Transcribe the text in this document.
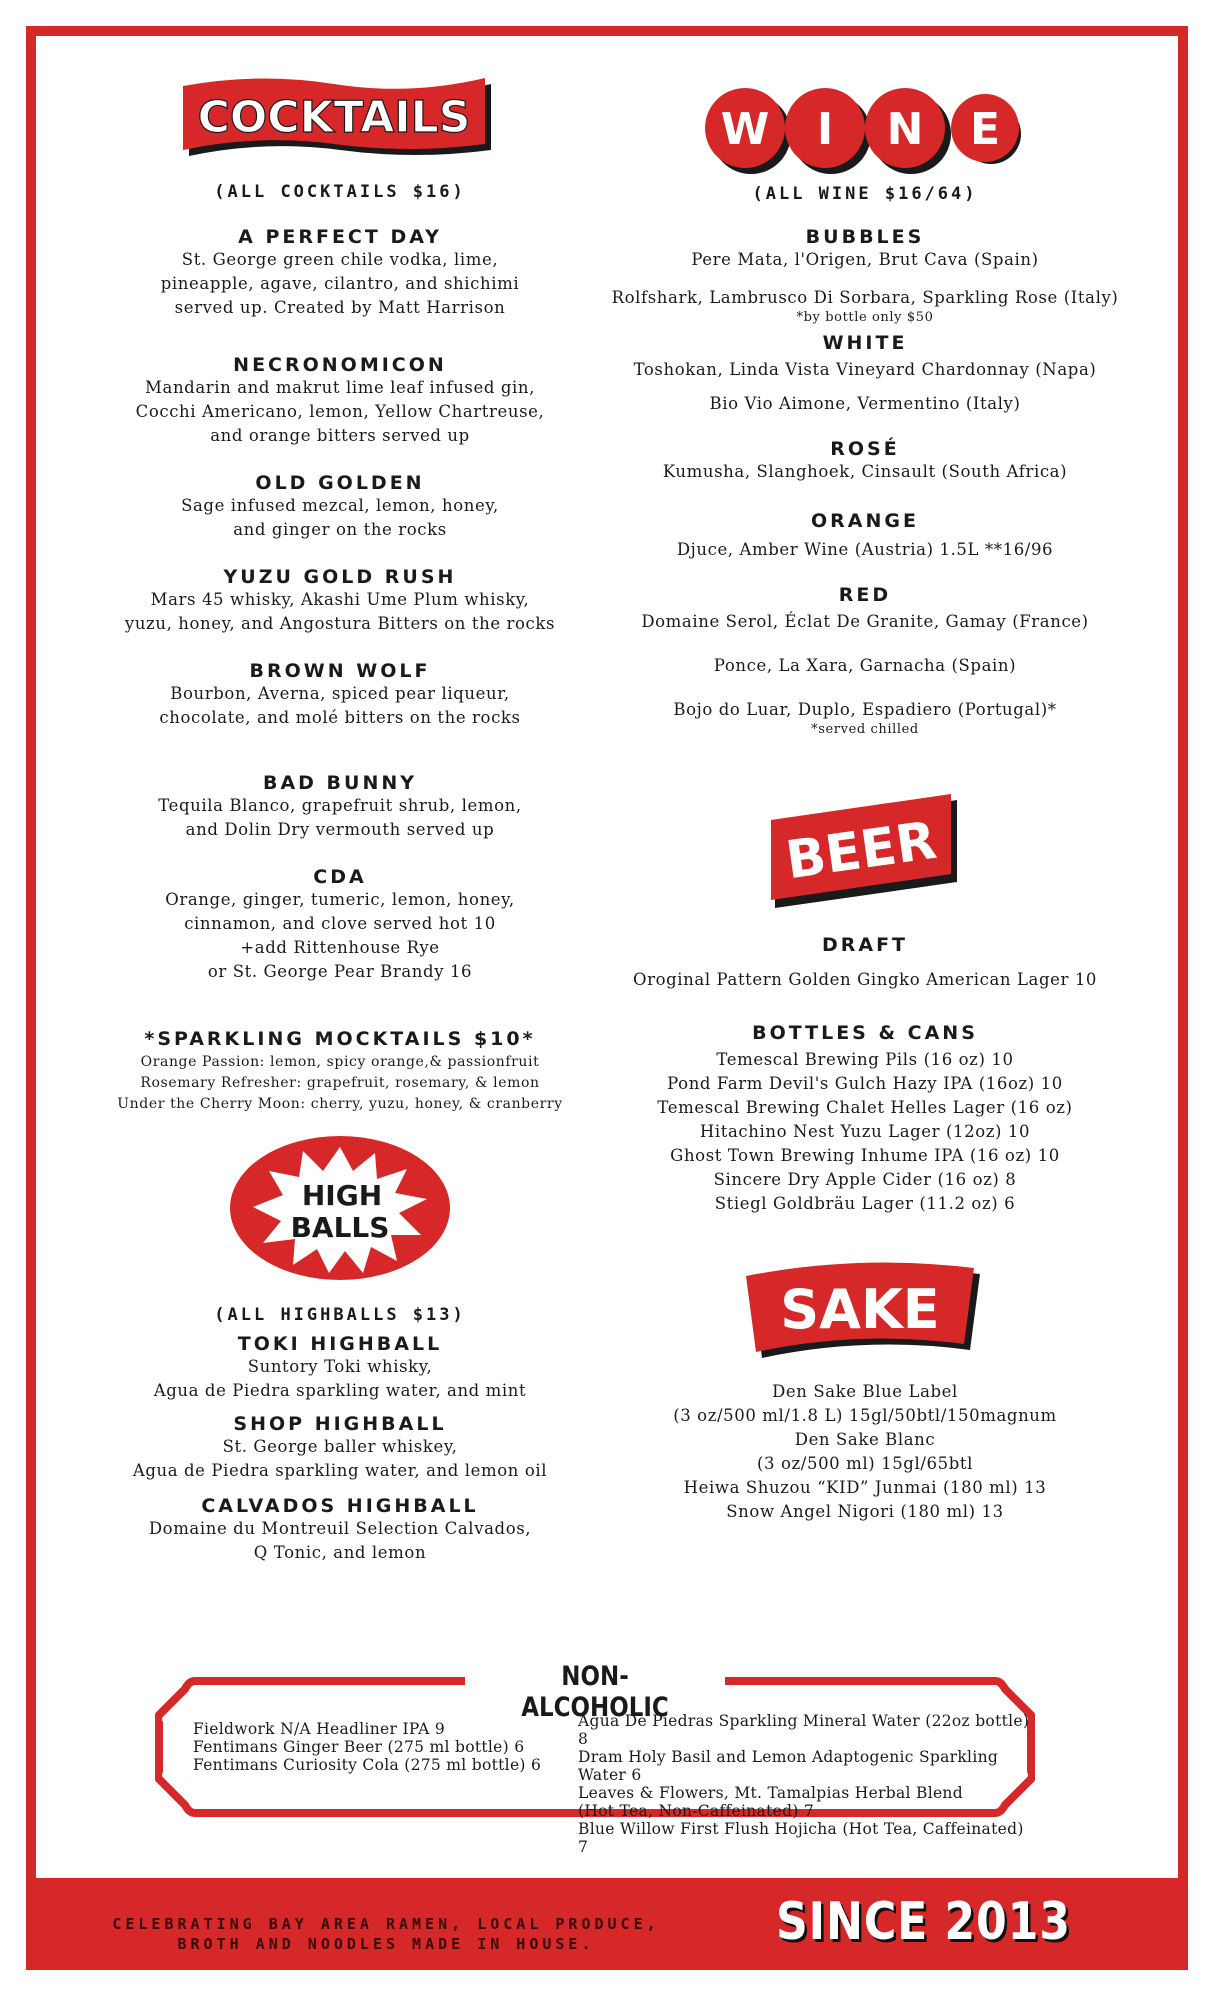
COCKTAILS
(ALL COCKTAILS $16)
A PERFECT DAY
St. George green chile vodka, lime,
pineapple, agave, cilantro, and shichimi
served up. Created by Matt Harrison
NECRONOMICON
Mandarin and makrut lime leaf infused gin,
Cocchi Americano, lemon, Yellow Chartreuse,
and orange bitters served up
OLD GOLDEN
Sage infused mezcal, lemon, honey,
and ginger on the rocks
YUZU GOLD RUSH
Mars 45 whisky, Akashi Ume Plum whisky,
yuzu, honey, and Angostura Bitters on the rocks
BROWN WOLF
Bourbon, Averna, spiced pear liqueur,
chocolate, and molé bitters on the rocks
BAD BUNNY
Tequila Blanco, grapefruit shrub, lemon,
and Dolin Dry vermouth served up
CDA
Orange, ginger, tumeric, lemon, honey,
cinnamon, and clove served hot 10
+add Rittenhouse Rye
or St. George Pear Brandy 16
*SPARKLING MOCKTAILS $10*
Orange Passion: lemon, spicy orange,& passionfruit
Rosemary Refresher: grapefruit, rosemary, & lemon
Under the Cherry Moon: cherry, yuzu, honey, & cranberry
HIGH
BALLS
(ALL HIGHBALLS $13)
TOKI HIGHBALL
Suntory Toki whisky,
Agua de Piedra sparkling water, and mint
SHOP HIGHBALL
St. George baller whiskey,
Agua de Piedra sparkling water, and lemon oil
CALVADOS HIGHBALL
Domaine du Montreuil Selection Calvados,
Q Tonic, and lemon
W I N E
(ALL WINE $16/64)
BUBBLES
Pere Mata, l'Origen, Brut Cava (Spain)
Rolfshark, Lambrusco Di Sorbara, Sparkling Rose (Italy)
*by bottle only $50
WHITE
Toshokan, Linda Vista Vineyard Chardonnay (Napa)
Bio Vio Aimone, Vermentino (Italy)
ROSÉ
Kumusha, Slanghoek, Cinsault (South Africa)
ORANGE
Djuce, Amber Wine (Austria) 1.5L **16/96
RED
Domaine Serol, Éclat De Granite, Gamay (France)
Ponce, La Xara, Garnacha (Spain)
Bojo do Luar, Duplo, Espadiero (Portugal)*
*served chilled
BEER
DRAFT
Oroginal Pattern Golden Gingko American Lager 10
BOTTLES & CANS
Temescal Brewing Pils (16 oz) 10
Pond Farm Devil's Gulch Hazy IPA (16oz) 10
Temescal Brewing Chalet Helles Lager (16 oz)
Hitachino Nest Yuzu Lager (12oz) 10
Ghost Town Brewing Inhume IPA (16 oz) 10
Sincere Dry Apple Cider (16 oz) 8
Stiegl Goldbräu Lager (11.2 oz) 6
SAKE
Den Sake Blue Label
(3 oz/500 ml/1.8 L) 15gl/50btl/150magnum
Den Sake Blanc
(3 oz/500 ml) 15gl/65btl
Heiwa Shuzou “KID” Junmai (180 ml) 13
Snow Angel Nigori (180 ml) 13
NON-ALCOHOLIC
Fieldwork N/A Headliner IPA 9
Fentimans Ginger Beer (275 ml bottle) 6
Fentimans Curiosity Cola (275 ml bottle) 6
Agua De Piedras Sparkling Mineral Water (22oz bottle) 8
Dram Holy Basil and Lemon Adaptogenic Sparkling Water 6
Leaves & Flowers, Mt. Tamalpias Herbal Blend
(Hot Tea, Non-Caffeinated) 7
Blue Willow First Flush Hojicha (Hot Tea, Caffeinated) 7
CELEBRATING BAY AREA RAMEN, LOCAL PRODUCE,
BROTH AND NOODLES MADE IN HOUSE.	SINCE 2013
